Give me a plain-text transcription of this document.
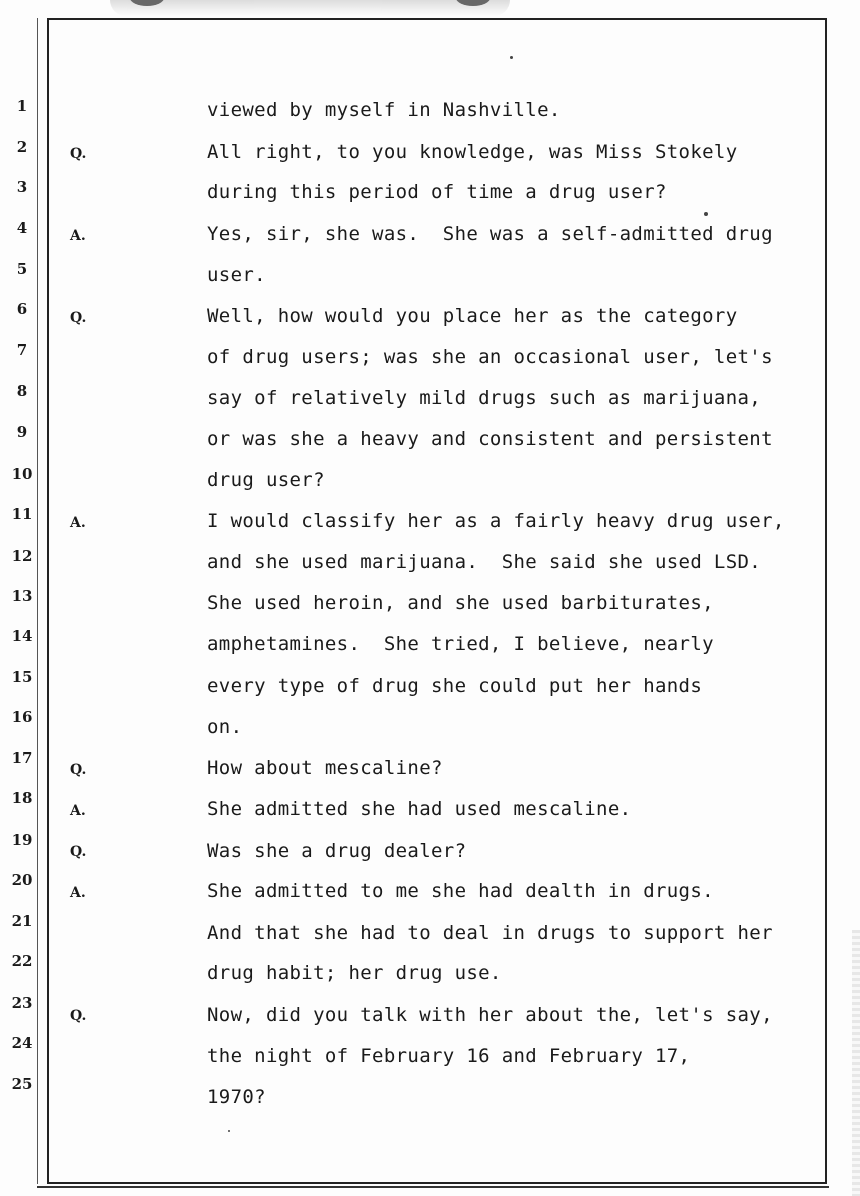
1
2
3
4
5
6
7
8
9
10
11
12
13
14
15
16
17
18
19
20
21
22
23
24
25
Q.
A.
Q.
A.
Q.
A.
Q.
A.
Q.
viewed by myself in Nashville.
All right, to you knowledge, was Miss Stokely
during this period of time a drug user?
Yes, sir, she was.  She was a self-admitted drug
user.
Well, how would you place her as the category
of drug users; was she an occasional user, let's
say of relatively mild drugs such as marijuana,
or was she a heavy and consistent and persistent
drug user?
I would classify her as a fairly heavy drug user,
and she used marijuana.  She said she used LSD.
She used heroin, and she used barbiturates,
amphetamines.  She tried, I believe, nearly
every type of drug she could put her hands
on.
How about mescaline?
She admitted she had used mescaline.
Was she a drug dealer?
She admitted to me she had dealth in drugs.
And that she had to deal in drugs to support her
drug habit; her drug use.
Now, did you talk with her about the, let's say,
the night of February 16 and February 17,
1970?
